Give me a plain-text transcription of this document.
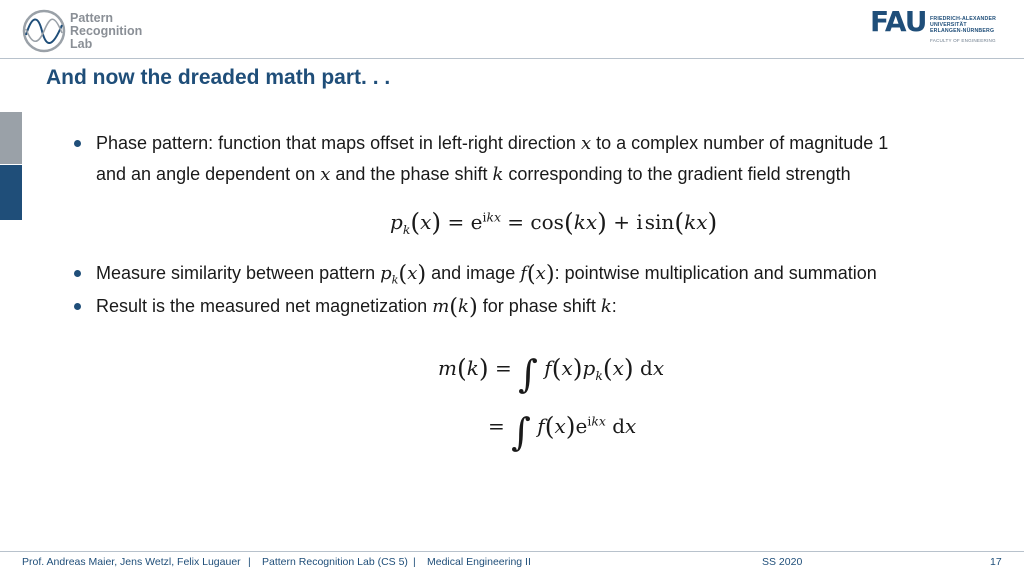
Pattern
Recognition
Lab
FAU FRIEDRICH-ALEXANDER
UNIVERSITÄT
ERLANGEN-NÜRNBERG
FACULTY OF ENGINEERING
And now the dreaded math part. . .
Phase pattern: function that maps offset in left-right direction x to a complex number of magnitude 1
and an angle dependent on x and the phase shift k corresponding to the gradient field strength
$p_k(x) = e^{ikx} = \cos(kx) + i$  sin(kx)
Measure similarity between pattern $p_k(x)$ and image f(x): pointwise multiplication and summation
Result is the measured net magnetization m(k) for phase shift k:
m(k) = ∫ $f(x)p_k(x)$ dx
= ∫ $f(x)e^{ikx}$ dx
Prof. Andreas Maier, Jens Wetzl, Felix Lugauer | Pattern Recognition Lab (CS 5) | Medical Engineering II	SS 2020	17
